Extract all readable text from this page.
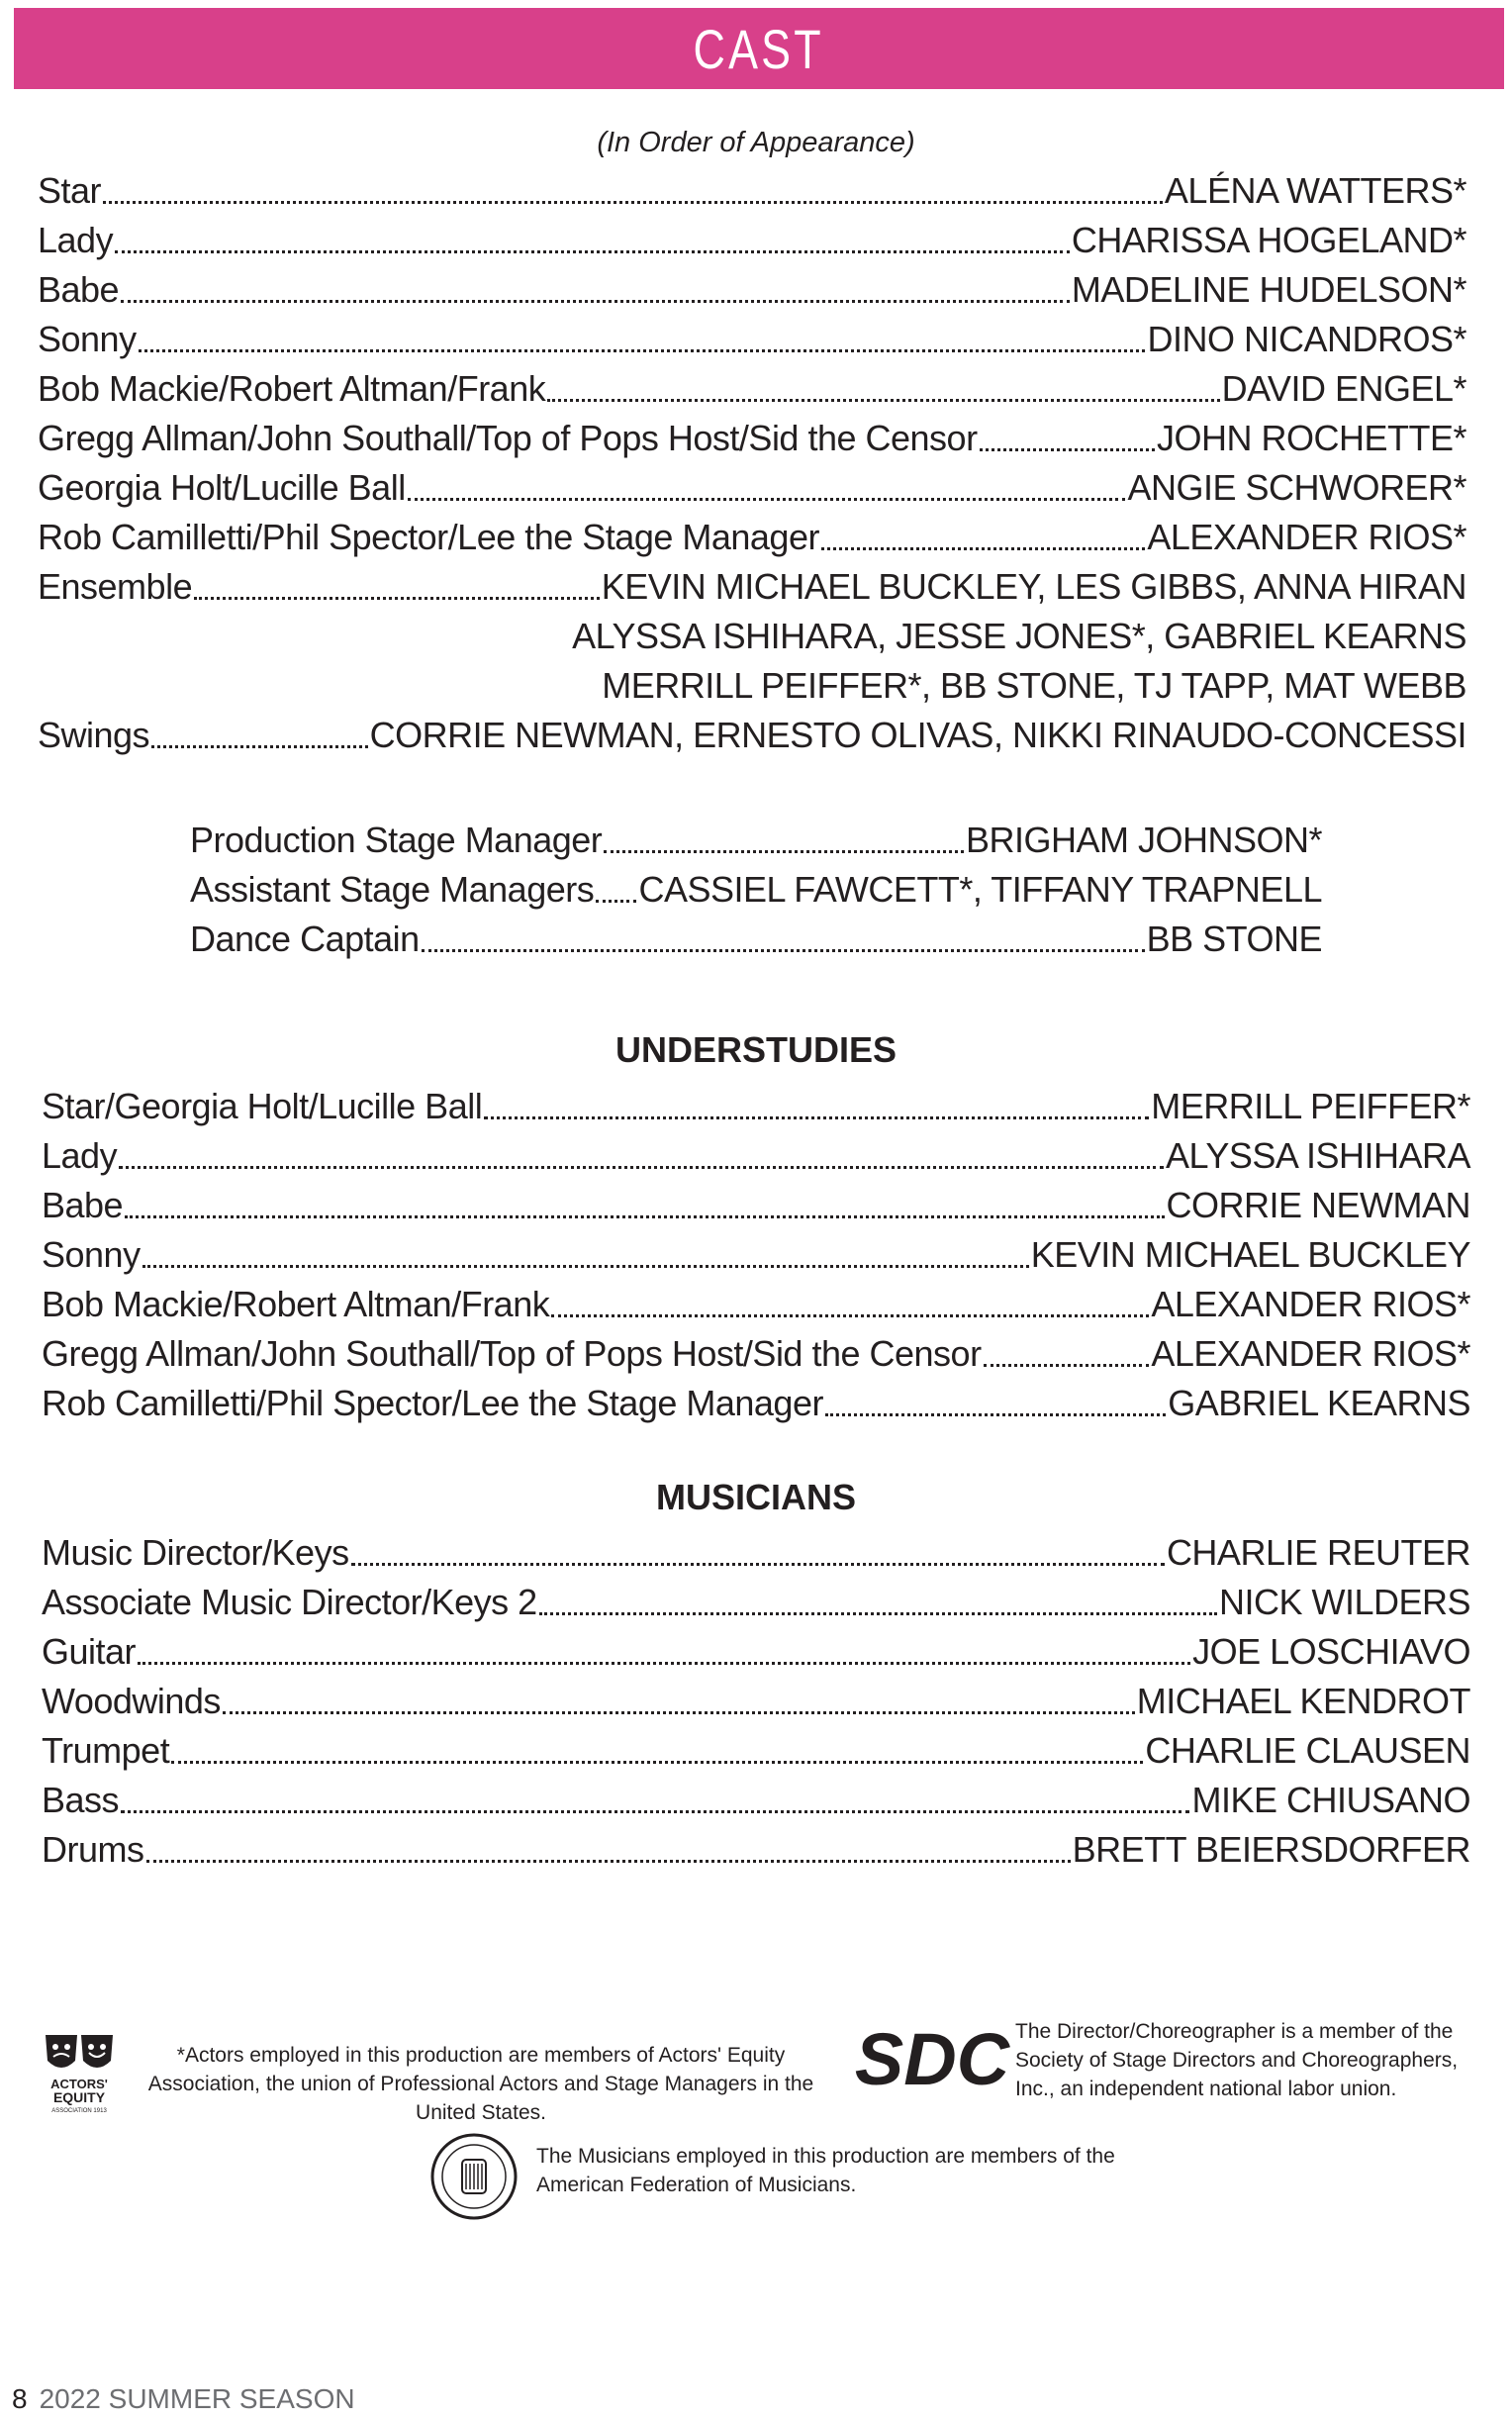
CAST
(In Order of Appearance)
Star	ALÉNA WATTERS*
Lady	CHARISSA HOGELAND*
Babe	MADELINE HUDELSON*
Sonny	DINO NICANDROS*
Bob Mackie/Robert Altman/Frank	DAVID ENGEL*
Gregg Allman/John Southall/Top of Pops Host/Sid the Censor	JOHN ROCHETTE*
Georgia Holt/Lucille Ball	ANGIE SCHWORER*
Rob Camilletti/Phil Spector/Lee the Stage Manager	ALEXANDER RIOS*
Ensemble	KEVIN MICHAEL BUCKLEY, LES GIBBS, ANNA HIRAN
ALYSSA ISHIHARA, JESSE JONES*, GABRIEL KEARNS
MERRILL PEIFFER*, BB STONE, TJ TAPP, MAT WEBB
Swings	CORRIE NEWMAN, ERNESTO OLIVAS, NIKKI RINAUDO-CONCESSI
Production Stage Manager	BRIGHAM JOHNSON*
Assistant Stage Managers CASSIEL FAWCETT*, TIFFANY TRAPNELL
Dance Captain	BB STONE
UNDERSTUDIES
Star/Georgia Holt/Lucille Ball	MERRILL PEIFFER*
Lady	ALYSSA ISHIHARA
Babe	CORRIE NEWMAN
Sonny	KEVIN MICHAEL BUCKLEY
Bob Mackie/Robert Altman/Frank	ALEXANDER RIOS*
Gregg Allman/John Southall/Top of Pops Host/Sid the Censor	ALEXANDER RIOS*
Rob Camilletti/Phil Spector/Lee the Stage Manager	GABRIEL KEARNS
MUSICIANS
Music Director/Keys	CHARLIE REUTER
Associate Music Director/Keys 2	NICK WILDERS
Guitar	JOE LOSCHIAVO
Woodwinds	MICHAEL KENDROT
Trumpet	CHARLIE CLAUSEN
Bass	MIKE CHIUSANO
Drums	BRETT BEIERSDORFER
ACTORS'
EQUITY
ASSOCIATION 1913
*Actors employed in this production are members of Actors' Equity Association, the union of Professional Actors and Stage Managers in the United States.
SDC The Director/Choreographer is a member of the Society of Stage Directors and Choreographers, Inc., an independent national labor union.
The Musicians employed in this production are members of the American Federation of Musicians.
8 2022 SUMMER SEASON
